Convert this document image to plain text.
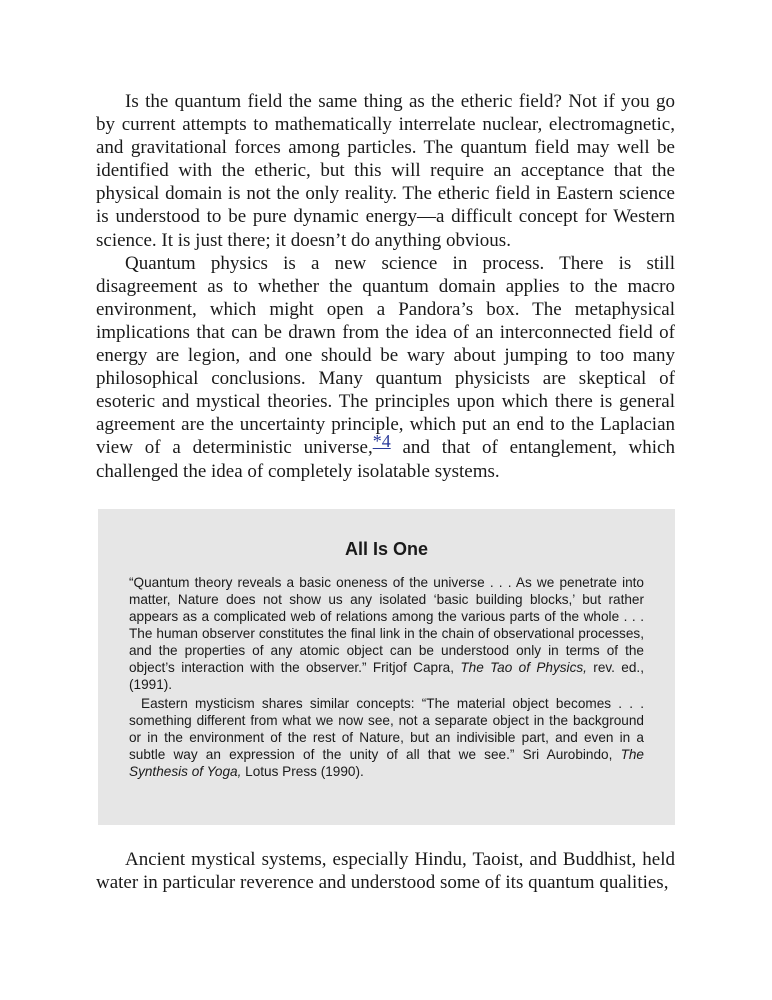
Is the quantum field the same thing as the etheric field? Not if you go by current attempts to mathematically interrelate nuclear, electromagnetic, and gravitational forces among particles. The quantum field may well be identified with the etheric, but this will require an acceptance that the physical domain is not the only reality. The etheric field in Eastern science is understood to be pure dynamic energy—a difficult concept for Western science. It is just there; it doesn’t do anything obvious.

Quantum physics is a new science in process. There is still disagreement as to whether the quantum domain applies to the macro environment, which might open a Pandora’s box. The metaphysical implications that can be drawn from the idea of an interconnected field of energy are legion, and one should be wary about jumping to too many philosophical conclusions. Many quantum physicists are skeptical of esoteric and mystical theories. The principles upon which there is general agreement are the uncertainty principle, which put an end to the Laplacian view of a deterministic universe,*4 and that of entanglement, which challenged the idea of completely isolatable systems.

All Is One

“Quantum theory reveals a basic oneness of the universe . . . As we penetrate into matter, Nature does not show us any isolated ‘basic building blocks,’ but rather appears as a complicated web of relations among the various parts of the whole . . . The human observer constitutes the final link in the chain of observational processes, and the properties of any atomic object can be understood only in terms of the object’s interaction with the observer.” Fritjof Capra, The Tao of Physics, rev. ed., (1991).

Eastern mysticism shares similar concepts: “The material object becomes . . . something different from what we now see, not a separate object in the background or in the environment of the rest of Nature, but an indivisible part, and even in a subtle way an expression of the unity of all that we see.” Sri Aurobindo, The Synthesis of Yoga, Lotus Press (1990).

Ancient mystical systems, especially Hindu, Taoist, and Buddhist, held water in particular reverence and understood some of its quantum qualities,
